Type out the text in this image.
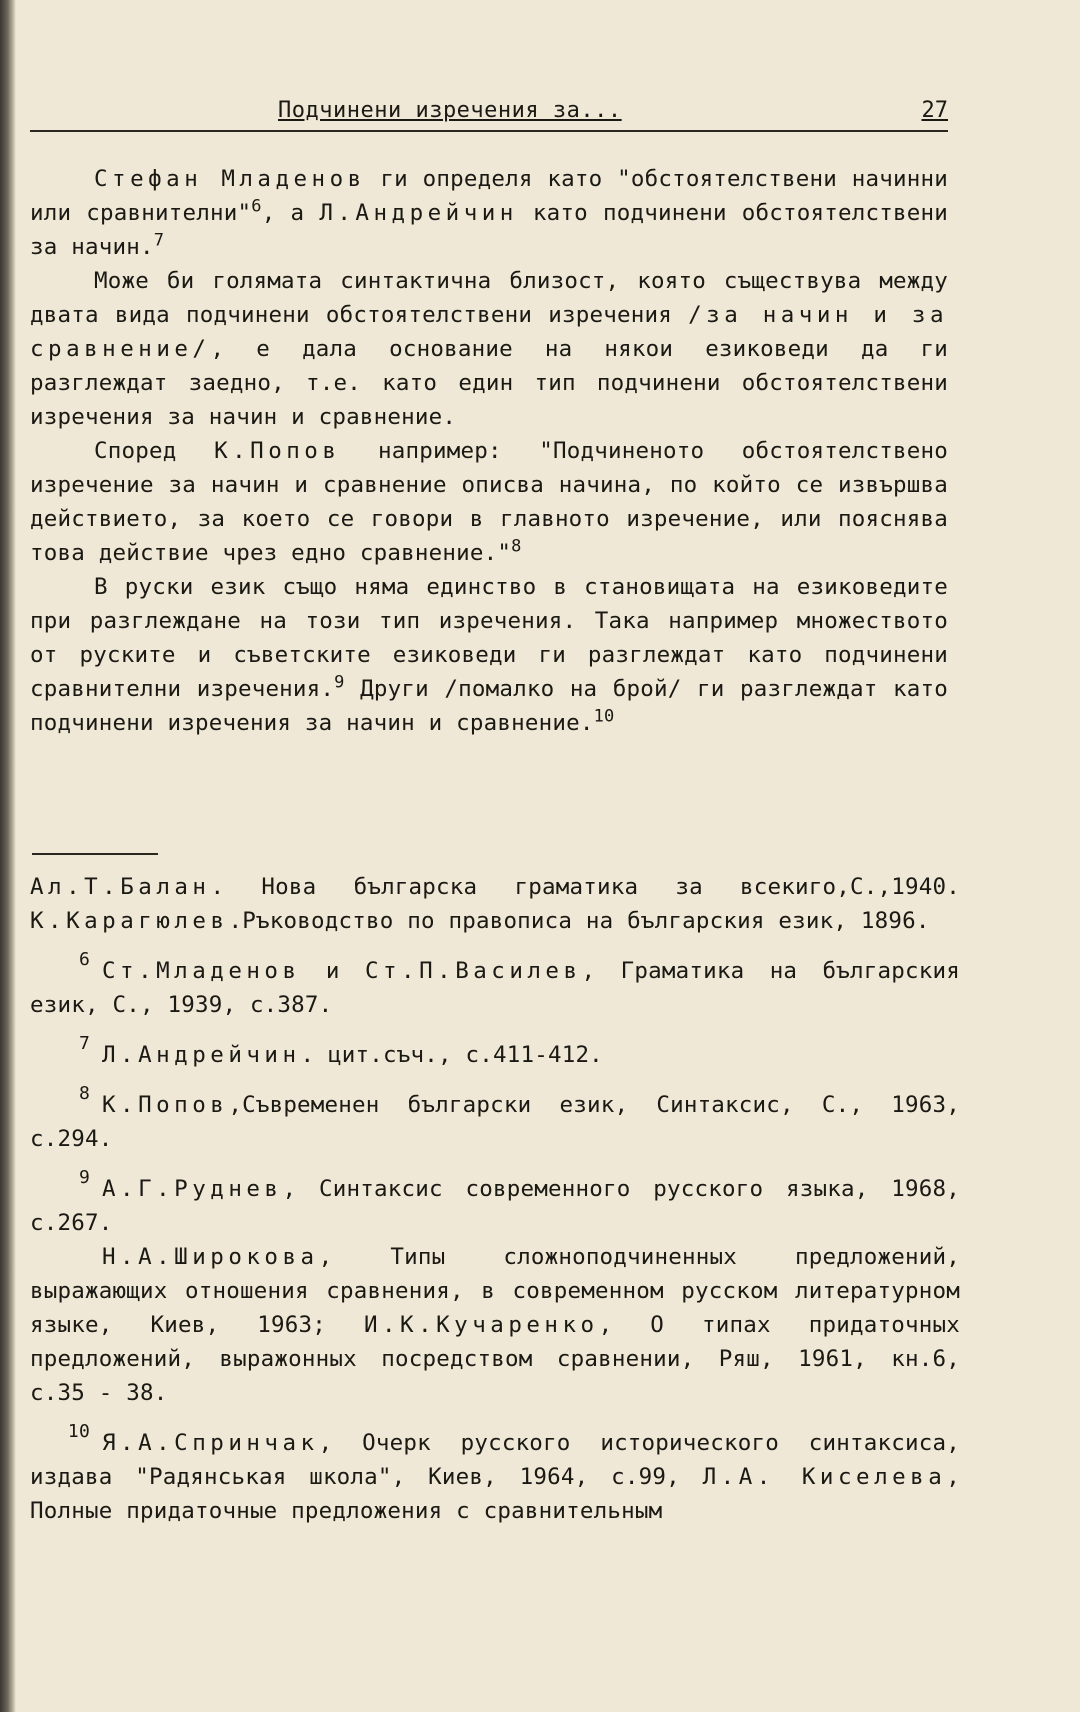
Подчинени изречения за...	27

Стефан Младенов ги определя като "обстоятелствени начинни или сравнителни"$^6$, а Л.Андрейчин като подчинени обстоятелствени за начин.$^7$

Може би голямата синтактична близост, която съществува между двата вида подчинени обстоятелствени изречения /за начин и за сравнение/, е дала основание на някои езиковеди да ги разглеждат заедно, т.е. като един тип подчинени обстоятелствени изречения за начин и сравнение.

Според К.Попов например: "Подчиненото обстоятелствено изречение за начин и сравнение описва начина, по който се извършва действието, за което се говори в главното изречение, или пояснява това действие чрез едно сравнение."$^8$

В руски език също няма единство в становищата на езиковедите при разглеждане на този тип изречения. Така например множеството от руските и съветските езиковеди ги разглеждат като подчинени сравнителни изречения.$^9$ Други /помалко на брой/ ги разглеждат като подчинени изречения за начин и сравнение.$^{10}$

Ал.Т.Балан. Нова българска граматика за всекиго,С.,1940. К.Карагюлев.Ръководство по правописа на българския език, 1896.

6 Ст.Младенов и Ст.П.Василев, Граматика на българския език, С., 1939, с.387.

7 Л.Андрейчин. цит.съч., с.411-412.

8 К.Попов,Съвременен български език, Синтаксис, С., 1963, с.294.

9 А.Г.Руднев, Синтаксис современного русского языка, 1968, с.267.

Н.А.Широкова, Типы сложноподчиненных предложений, выражающих отношения сравнения, в современном русском литературном языке, Киев, 1963; И.К.Кучаренко, О типах придаточных предложений, выражонных посредством сравнении, Ряш, 1961, кн.6, с.35 - 38.

10 Я.А.Спринчак, Очерк русского исторического синтаксиса, издава "Радянськая школа", Киев, 1964, с.99, Л.А. Киселева, Полные придаточные предложения с сравнительным
